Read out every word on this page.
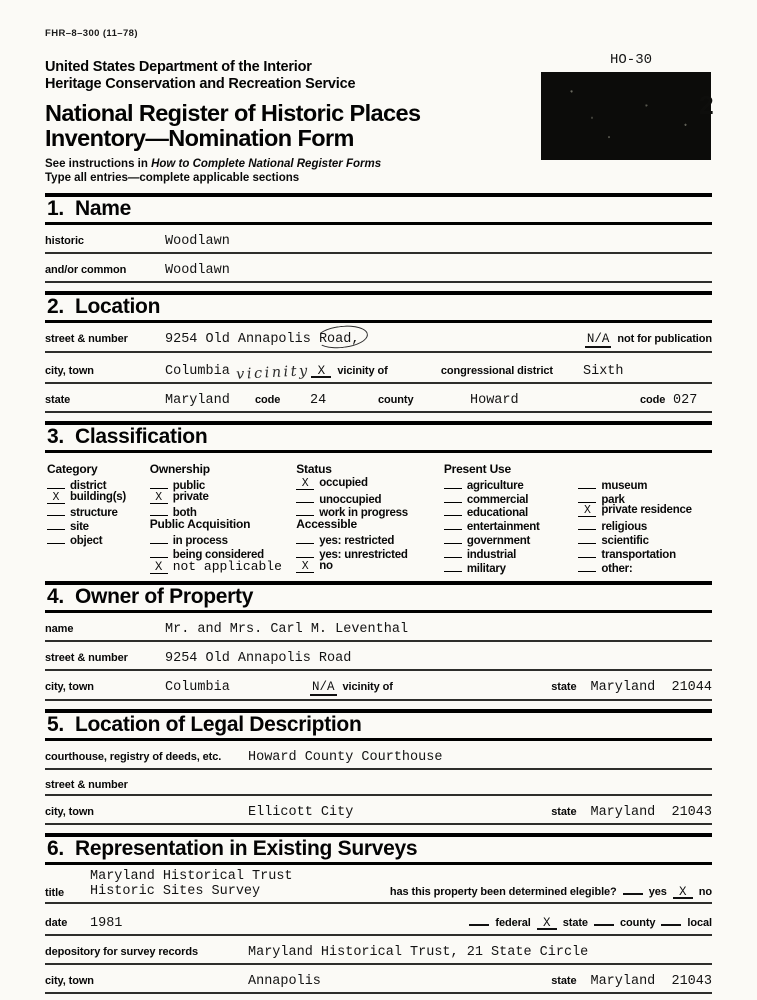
FHR–8–300 (11–78)
United States Department of the Interior
Heritage Conservation and Recreation Service
National Register of Historic Places
Inventory—Nomination Form
See instructions in How to Complete National Register Forms
Type all entries—complete applicable sections
HO-30
2
1. Name
historic	Woodlawn
and/or common	Woodlawn
2. Location
street & number	9254 Old Annapolis Road,	N/A not for publication
city, town	Columbia vicinity X	vicinity of	congressional district Sixth
state	Maryland	code	24	county	Howard	code 027
3. Classification
Category
district
X building(s)
structure
site
object
Ownership
public
X private
both
Public Acquisition
in process
being considered
X not applicable
Status
X occupied
unoccupied
work in progress
Accessible
yes: restricted
yes: unrestricted
X no
Present Use
agriculture
commercial
educational
entertainment
government
industrial
military
museum
park
X private residence
religious
scientific
transportation
other:
4. Owner of Property
name	Mr. and Mrs. Carl M. Leventhal
street & number	9254 Old Annapolis Road
city, town	Columbia	N/A vicinity of	state Maryland  21044
5. Location of Legal Description
courthouse, registry of deeds, etc.	Howard County Courthouse
street & number
city, town	Ellicott City	state Maryland  21043
6. Representation in Existing Surveys
title
Maryland Historical Trust
Historic Sites Survey	has this property been determined elegible?	yes X	no
date	1981	federal X	state	county	local
depository for survey records	Maryland Historical Trust, 21 State Circle
city, town	Annapolis	state Maryland  21043
